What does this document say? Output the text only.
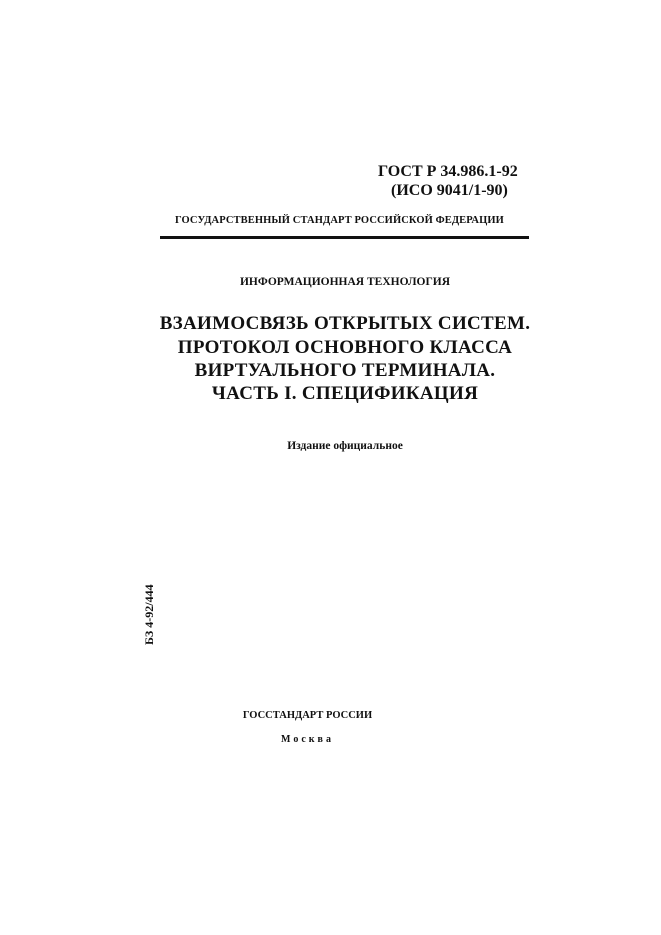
ГОСТ Р 34.986.1-92
(ИСО 9041/1-90)
ГОСУДАРСТВЕННЫЙ СТАНДАРТ РОССИЙСКОЙ ФЕДЕРАЦИИ
ИНФОРМАЦИОННАЯ ТЕХНОЛОГИЯ
ВЗАИМОСВЯЗЬ ОТКРЫТЫХ СИСТЕМ.
ПРОТОКОЛ ОСНОВНОГО КЛАССА
ВИРТУАЛЬНОГО ТЕРМИНАЛА.
ЧАСТЬ I. СПЕЦИФИКАЦИЯ
Издание официальное
БЗ 4-92/444
ГОССТАНДАРТ РОССИИ
Москва
